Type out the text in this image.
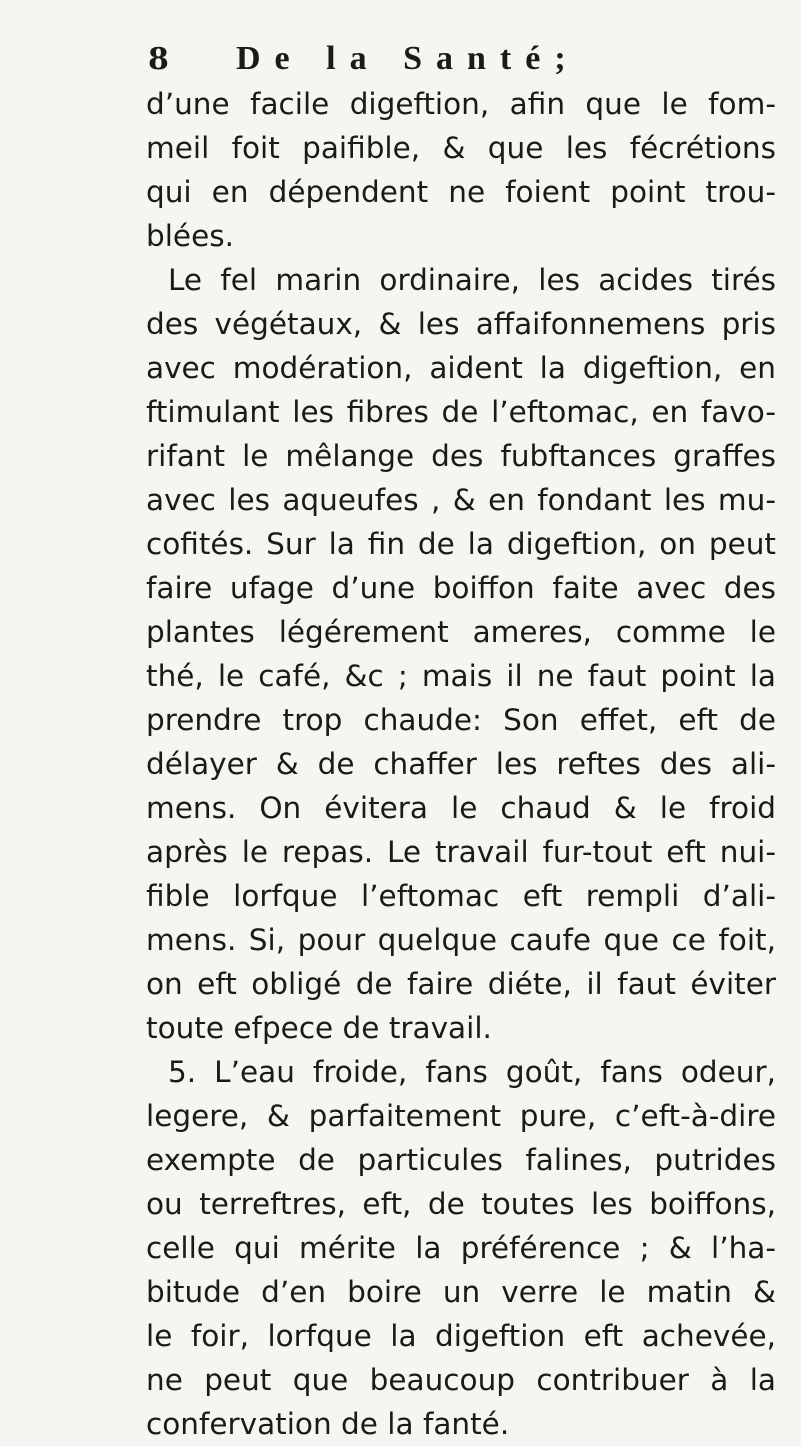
8 De la Santé;
d’une facile digeftion, afin que le fom-
meil foit paifible, & que les fécrétions
qui en dépendent ne foient point trou-
blées.
Le fel marin ordinaire, les acides tirés
des végétaux, & les affaifonnemens pris
avec modération, aident la digeftion, en
ftimulant les fibres de l’eftomac, en favo-
rifant le mêlange des fubftances graffes
avec les aqueufes , & en fondant les mu-
cofités. Sur la fin de la digeftion, on peut
faire ufage d’une boiffon faite avec des
plantes légérement ameres, comme le
thé, le café, &c ; mais il ne faut point la
prendre trop chaude: Son effet, eft de
délayer & de chaffer les reftes des ali-
mens. On évitera le chaud & le froid
après le repas. Le travail fur-tout eft nui-
fible lorfque l’eftomac eft rempli d’ali-
mens. Si, pour quelque caufe que ce foit,
on eft obligé de faire diéte, il faut éviter
toute efpece de travail.
5. L’eau froide, fans goût, fans odeur,
legere, & parfaitement pure, c’eft-à-dire
exempte de particules falines, putrides
ou terreftres, eft, de toutes les boiffons,
celle qui mérite la préférence ; & l’ha-
bitude d’en boire un verre le matin &
le foir, lorfque la digeftion eft achevée,
ne peut que beaucoup contribuer à la
confervation de la fanté.
